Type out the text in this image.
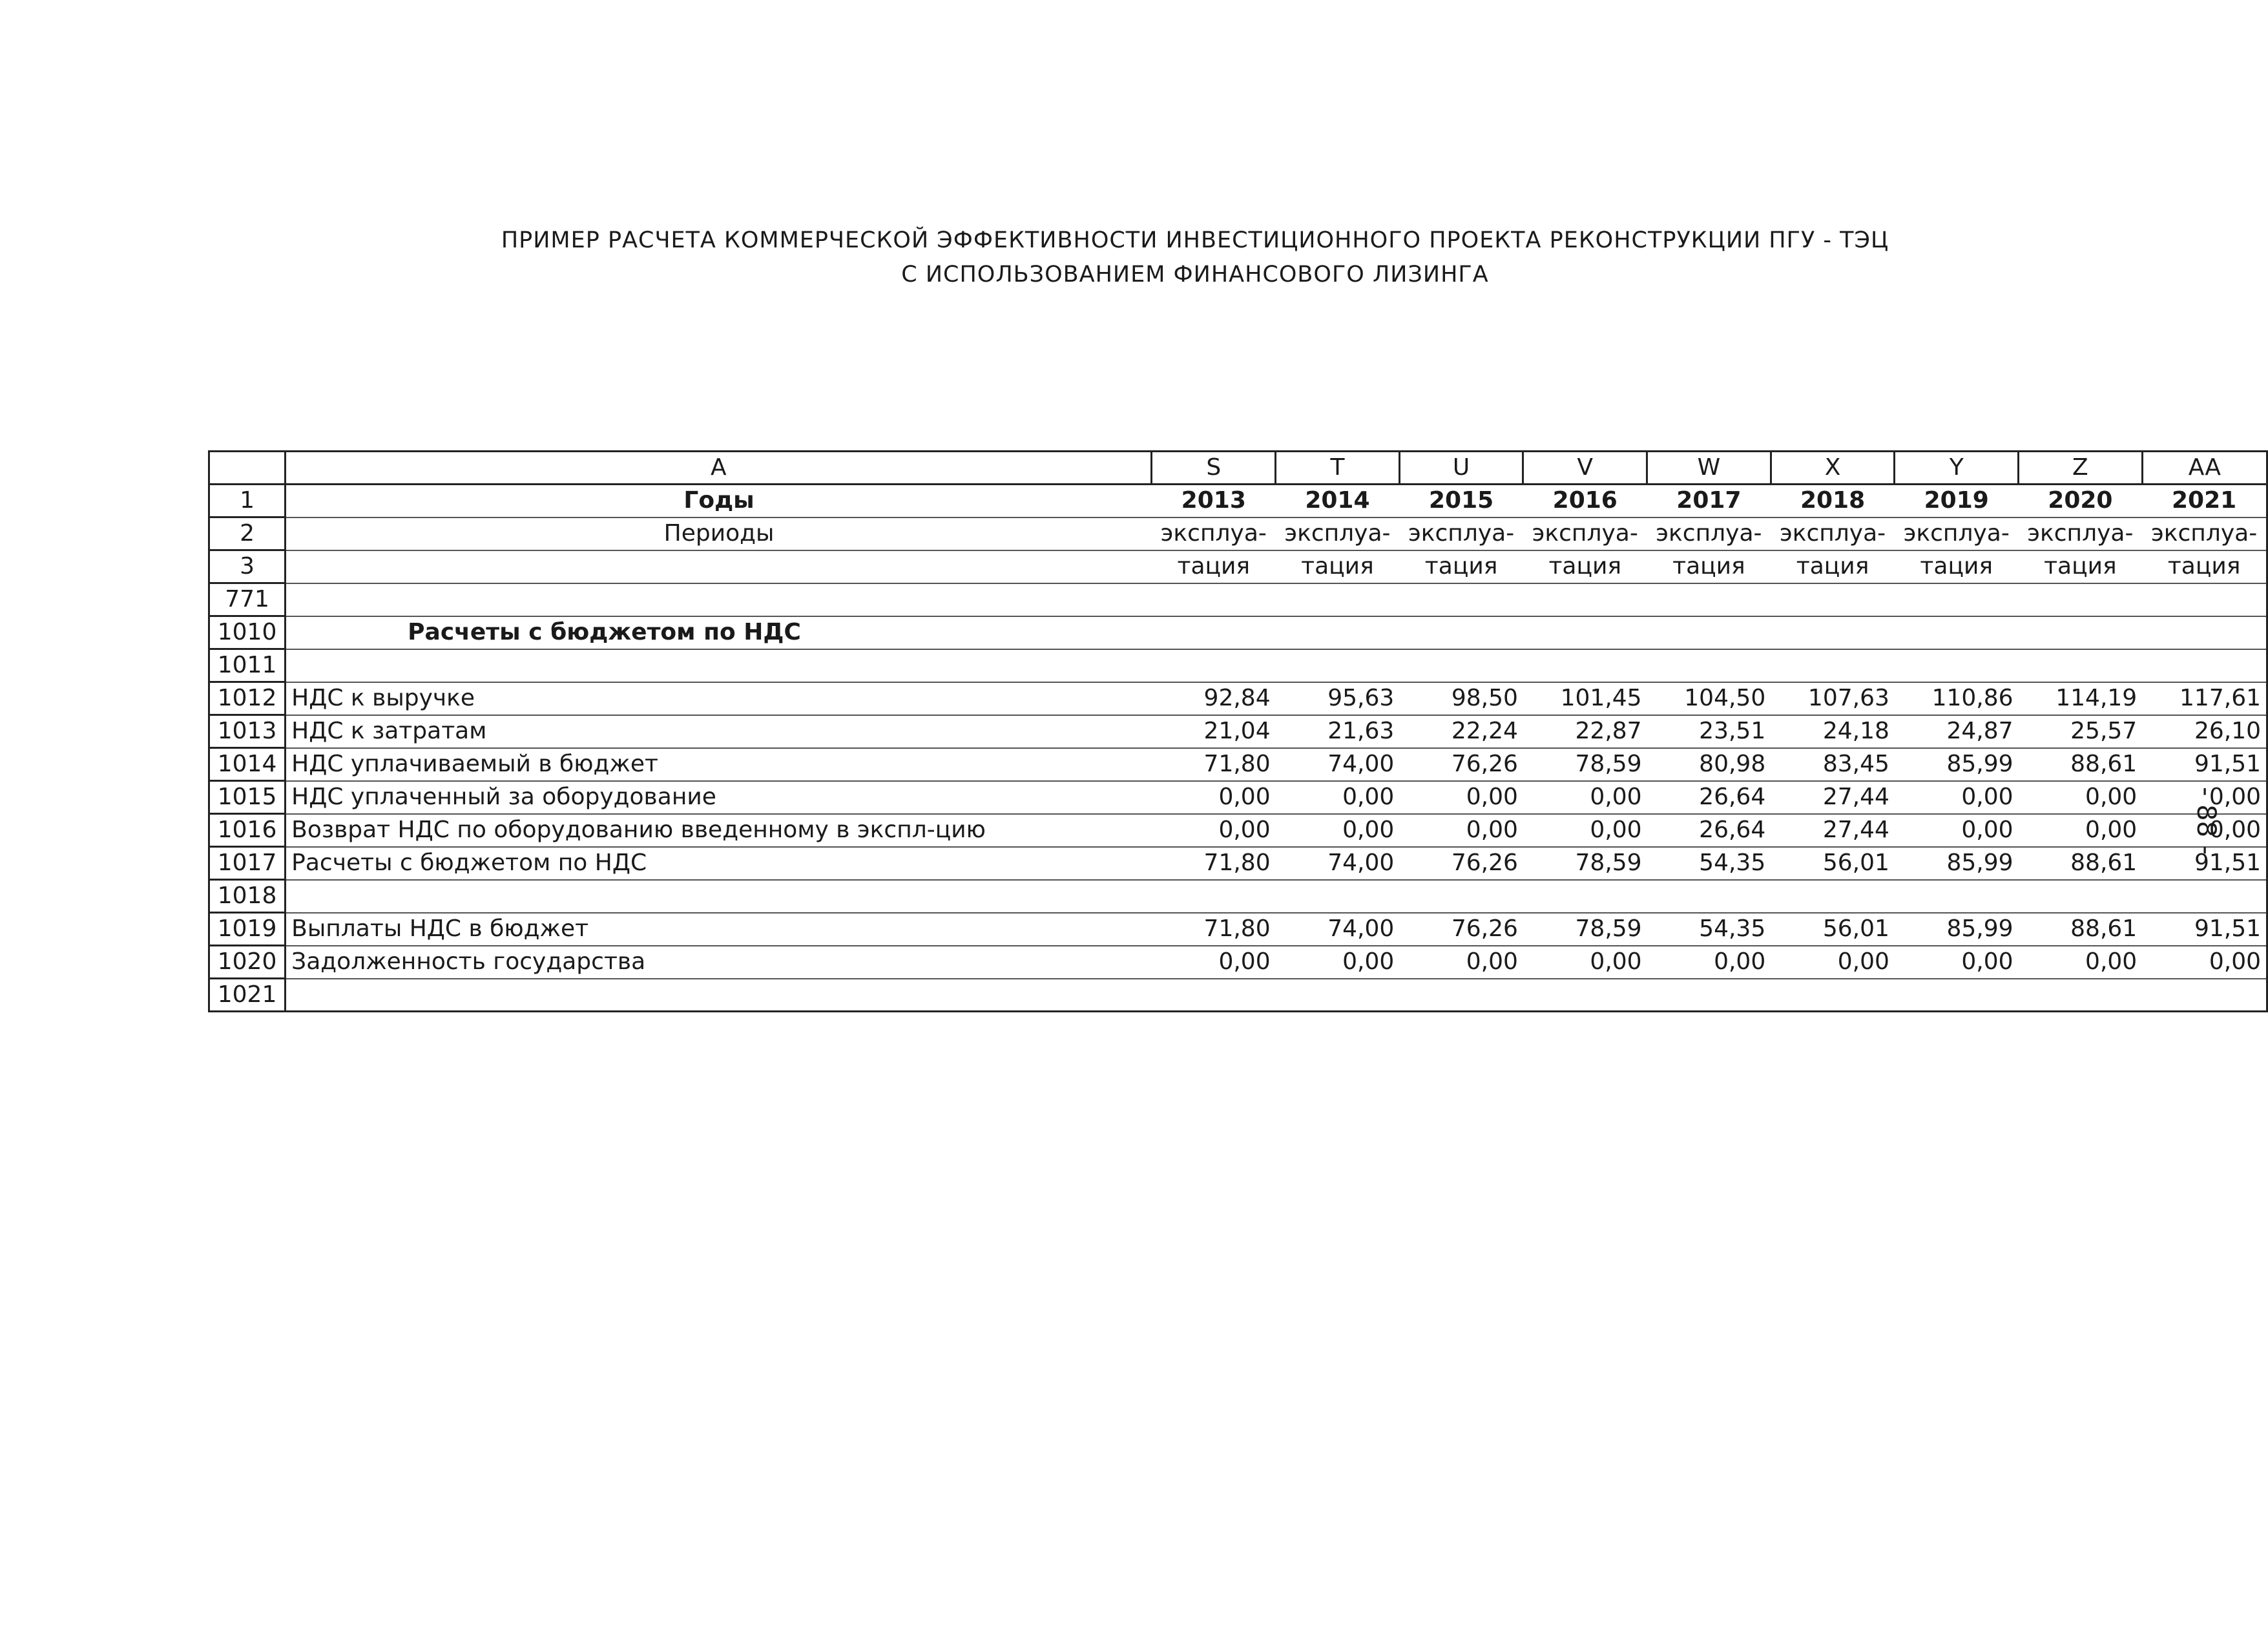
ПРИМЕР РАСЧЕТА КОММЕРЧЕСКОЙ ЭФФЕКТИВНОСТИ ИНВЕСТИЦИОННОГО ПРОЕКТА РЕКОНСТРУКЦИИ ПГУ - ТЭЦ
С ИСПОЛЬЗОВАНИЕМ ФИНАНСОВОГО ЛИЗИНГА
	A	S	T	U	V	W	X	Y	Z	AA
1	Годы	2013	2014	2015	2016	2017	2018	2019	2020	2021
2	Периоды	эксплуа-	эксплуа-	эксплуа-	эксплуа-	эксплуа-	эксплуа-	эксплуа-	эксплуа-	эксплуа-
3		тация	тация	тация	тация	тация	тация	тация	тация	тация
771										
1010	Расчеты с бюджетом по НДС									
1011										
1012	НДС к выручке	92,84	95,63	98,50	101,45	104,50	107,63	110,86	114,19	117,61
1013	НДС к затратам	21,04	21,63	22,24	22,87	23,51	24,18	24,87	25,57	26,10
1014	НДС уплачиваемый в бюджет	71,80	74,00	76,26	78,59	80,98	83,45	85,99	88,61	91,51
1015	НДС уплаченный за оборудование	0,00	0,00	0,00	0,00	26,64	27,44	0,00	0,00	0,00
1016	Возврат НДС по оборудованию введенному в экспл-цию	0,00	0,00	0,00	0,00	26,64	27,44	0,00	0,00	0,00
1017	Расчеты с бюджетом по НДС	71,80	74,00	76,26	78,59	54,35	56,01	85,99	88,61	91,51
1018										
1019	Выплаты НДС в бюджет	71,80	74,00	76,26	78,59	54,35	56,01	85,99	88,61	91,51
1020	Задолженность государства	0,00	0,00	0,00	0,00	0,00	0,00	0,00	0,00	0,00
1021										
- 88 -
